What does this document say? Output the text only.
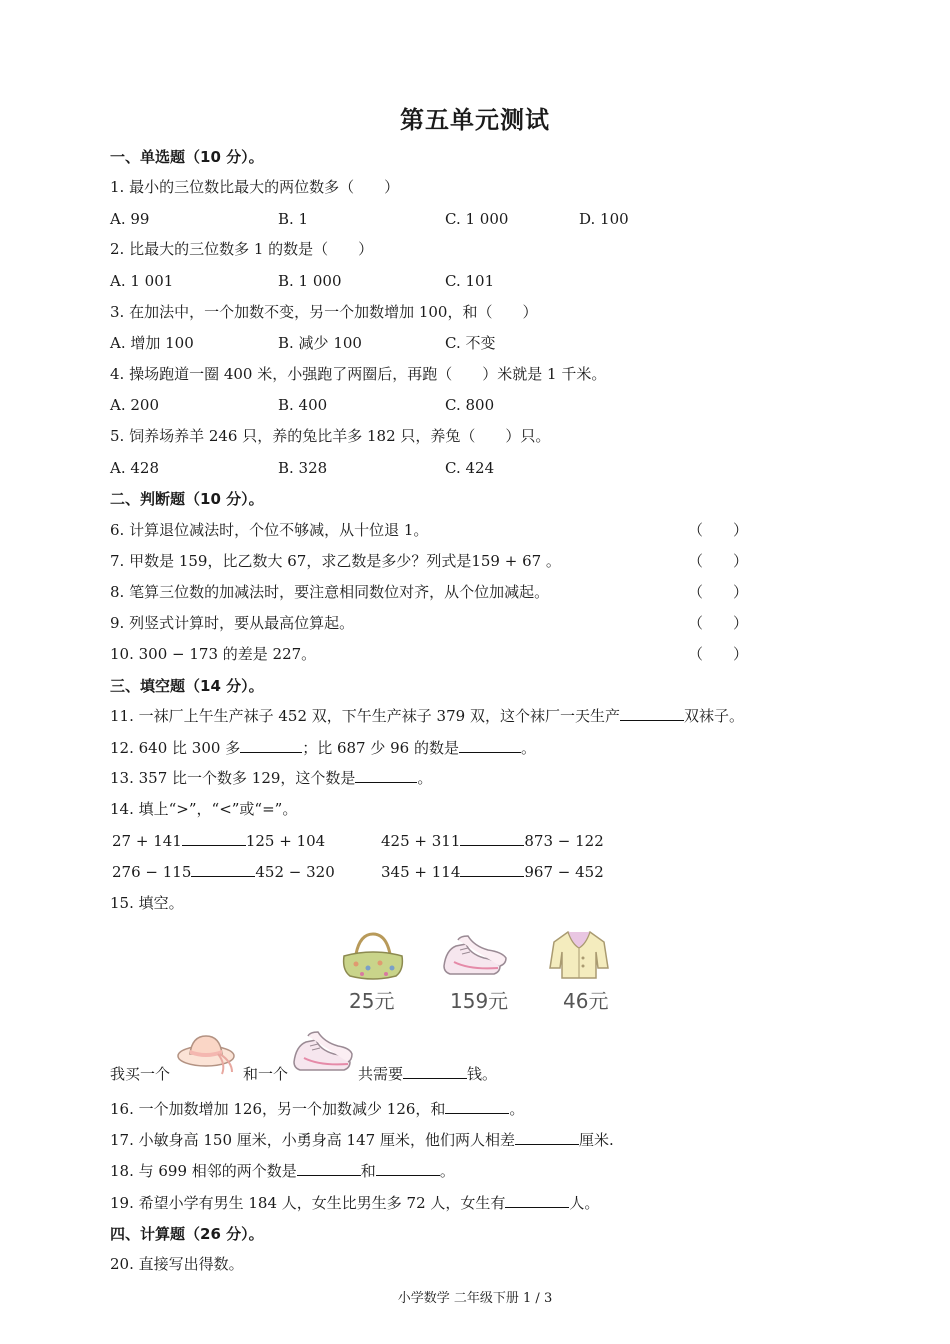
第五单元测试
一、单选题（10 分）。
1. 最小的三位数比最大的两位数多（　　）
A. 99	B. 1	C. 1 000	D. 100
2. 比最大的三位数多 1 的数是（　　）
A. 1 001	B. 1 000	C. 101
3. 在加法中，一个加数不变，另一个加数增加 100，和（　　）
A. 增加 100	B. 减少 100	C. 不变
4. 操场跑道一圈 400 米，小强跑了两圈后，再跑（　　）米就是 1 千米。
A. 200	B. 400	C. 800
5. 饲养场养羊 246 只，养的兔比羊多 182 只，养兔（　　）只。
A. 428	B. 328	C. 424
二、判断题（10 分）。
6. 计算退位减法时，个位不够减，从十位退 1。	（　　）
7. 甲数是 159，比乙数大 67，求乙数是多少？列式是159 + 67 。	（　　）
8. 笔算三位数的加减法时，要注意相同数位对齐，从个位加减起。	（　　）
9. 列竖式计算时，要从最高位算起。	（　　）
10. 300 − 173 的差是 227。	（　　）
三、填空题（14 分）。
11. 一袜厂上午生产袜子 452 双，下午生产袜子 379 双，这个袜厂一天生产	双袜子。
12. 640 比 300 多	；比 687 少 96 的数是	。
13. 357 比一个数多 129，这个数是	。
14. 填上“>”，“<”或“=”。
27 + 141	125 + 104	425 + 311	873 − 122
276 − 115	452 − 320	345 + 114	967 − 452
15. 填空。
25元	159元	46元
我买一个	和一个	共需要	钱。
16. 一个加数增加 126，另一个加数减少 126，和	。
17. 小敏身高 150 厘米，小勇身高 147 厘米，他们两人相差	厘米.
18. 与 699 相邻的两个数是	和	。
19. 希望小学有男生 184 人，女生比男生多 72 人，女生有	人。
四、计算题（26 分）。
小学数学 二年级下册 1 / 3
20. 直接写出得数。
